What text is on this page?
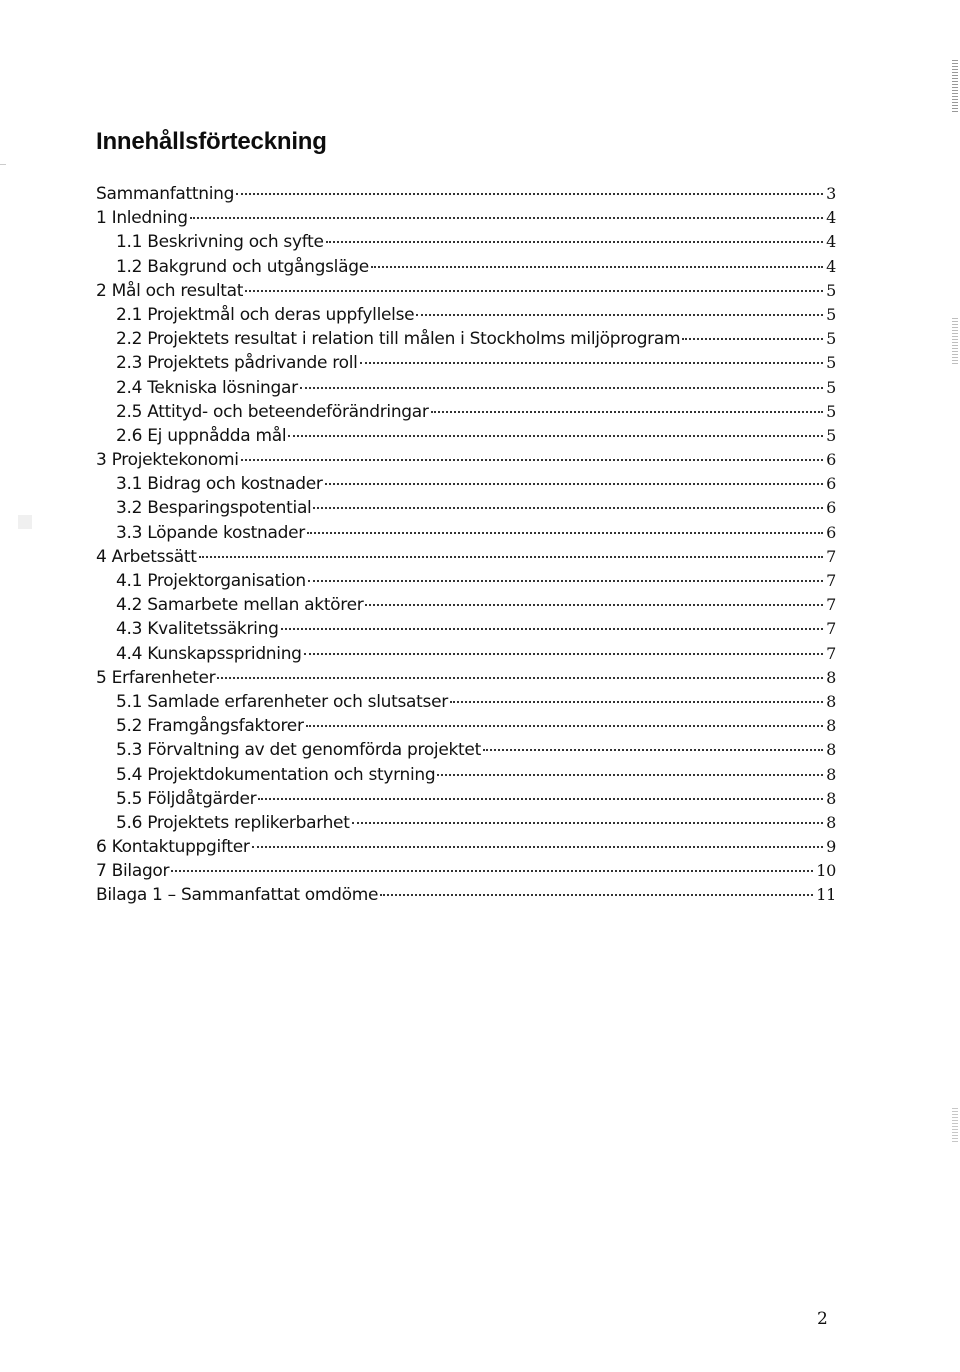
Innehållsförteckning
Sammanfattning	3
1 Inledning	4
1.1 Beskrivning och syfte	4
1.2 Bakgrund och utgångsläge	4
2 Mål och resultat	5
2.1 Projektmål och deras uppfyllelse	5
2.2 Projektets resultat i relation till målen i Stockholms miljöprogram	5
2.3 Projektets pådrivande roll	5
2.4 Tekniska lösningar	5
2.5 Attityd- och beteendeförändringar	5
2.6 Ej uppnådda mål	5
3 Projektekonomi	6
3.1 Bidrag och kostnader	6
3.2 Besparingspotential	6
3.3 Löpande kostnader	6
4 Arbetssätt	7
4.1 Projektorganisation	7
4.2 Samarbete mellan aktörer	7
4.3 Kvalitetssäkring	7
4.4 Kunskapsspridning	7
5 Erfarenheter	8
5.1 Samlade erfarenheter och slutsatser	8
5.2 Framgångsfaktorer	8
5.3 Förvaltning av det genomförda projektet	8
5.4 Projektdokumentation och styrning	8
5.5 Följdåtgärder	8
5.6 Projektets replikerbarhet	8
6 Kontaktuppgifter	9
7 Bilagor	10
Bilaga 1 – Sammanfattat omdöme	11
2
